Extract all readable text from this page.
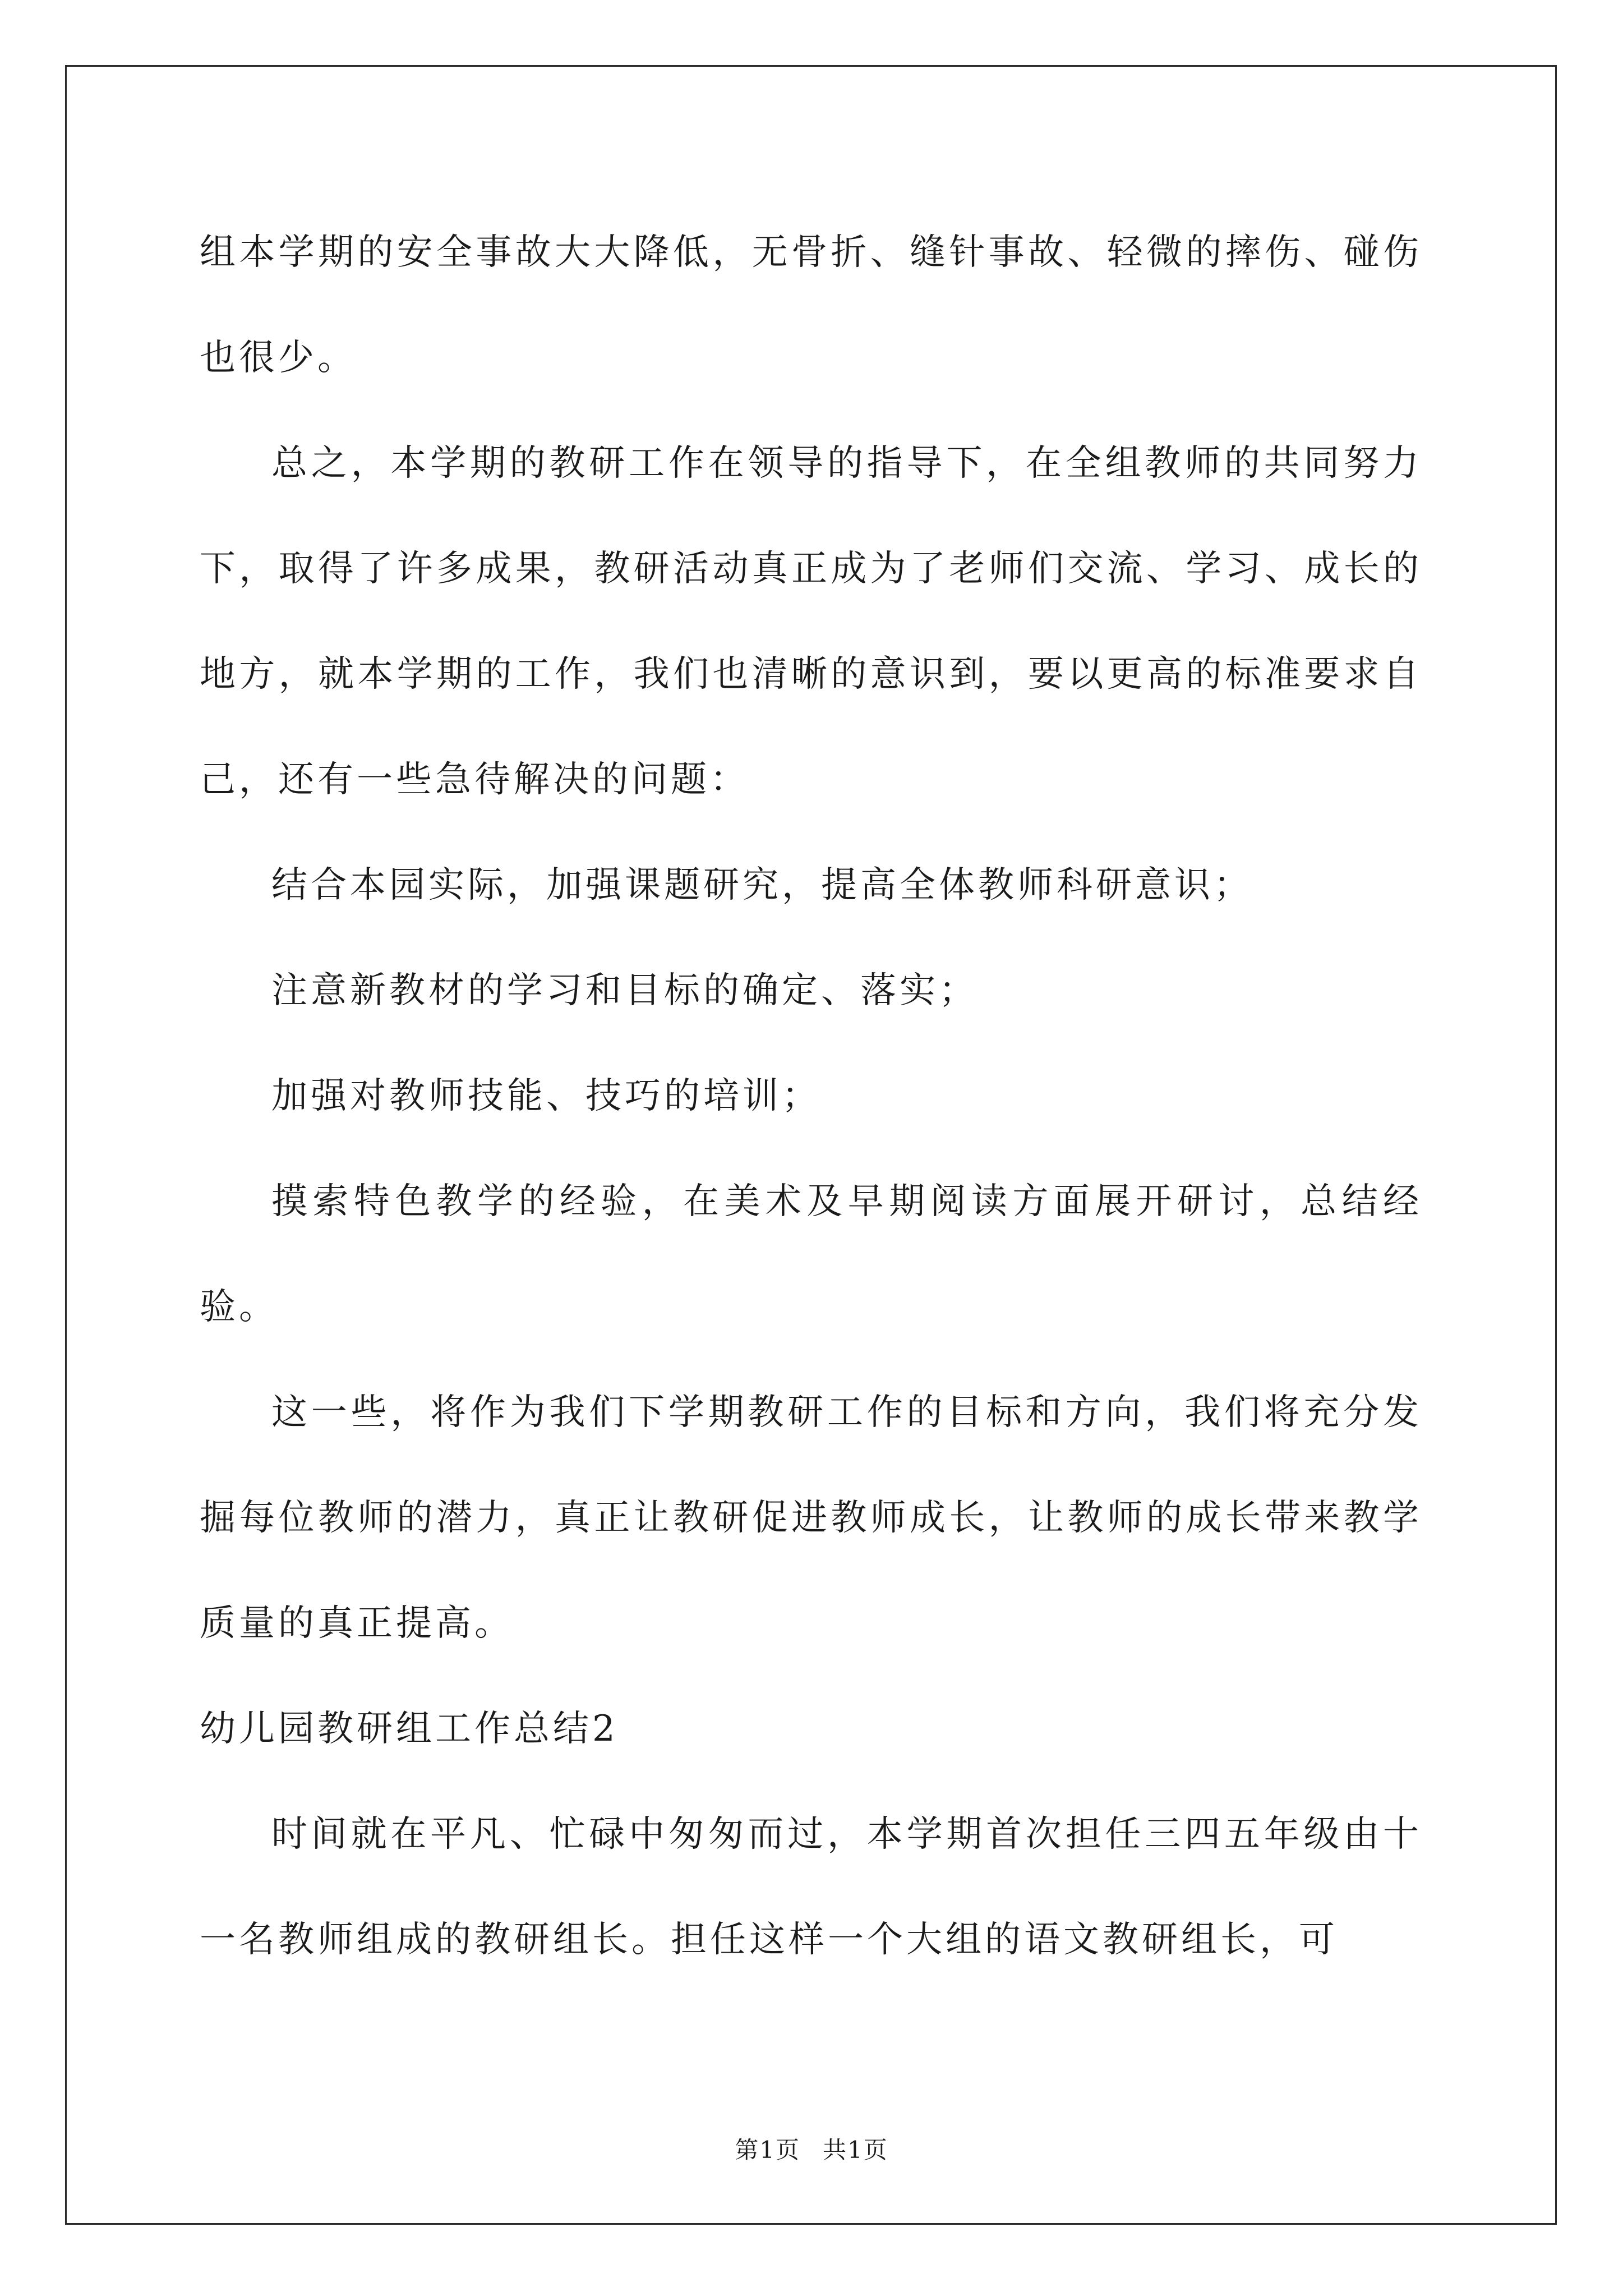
组本学期的安全事故大大降低，无骨折、缝针事故、轻微的摔伤、碰伤也很少。

总之，本学期的教研工作在领导的指导下，在全组教师的共同努力下，取得了许多成果，教研活动真正成为了老师们交流、学习、成长的地方，就本学期的工作，我们也清晰的意识到，要以更高的标准要求自己，还有一些急待解决的问题：

结合本园实际，加强课题研究，提高全体教师科研意识；

注意新教材的学习和目标的确定、落实；

加强对教师技能、技巧的培训；

摸索特色教学的经验，在美术及早期阅读方面展开研讨，总结经验。

这一些，将作为我们下学期教研工作的目标和方向，我们将充分发掘每位教师的潜力，真正让教研促进教师成长，让教师的成长带来教学质量的真正提高。

幼儿园教研组工作总结2

时间就在平凡、忙碌中匆匆而过，本学期首次担任三四五年级由十一名教师组成的教研组长。担任这样一个大组的语文教研组长，可

第1页 共1页
